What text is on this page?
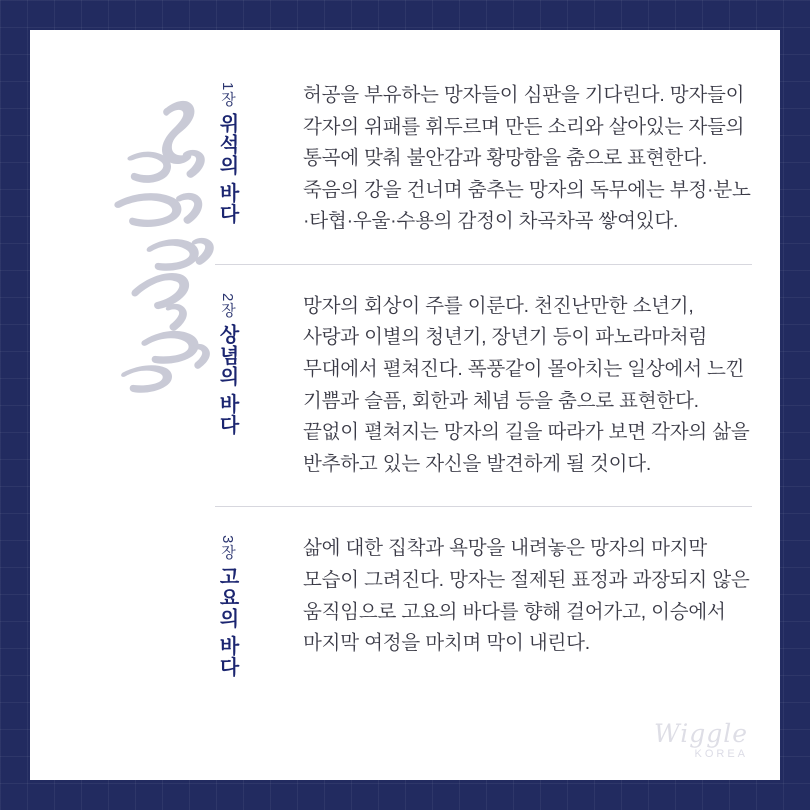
1장 위석의 바다

허공을 부유하는 망자들이 심판을 기다린다. 망자들이 각자의 위패를 휘두르며 만든 소리와 살아있는 자들의 통곡에 맞춰 불안감과 황망함을 춤으로 표현한다. 죽음의 강을 건너며 춤추는 망자의 독무에는 부정·분노·타협·우울·수용의 감정이 차곡차곡 쌓여있다.

2장 상념의 바다

망자의 회상이 주를 이룬다. 천진난만한 소년기, 사랑과 이별의 청년기, 장년기 등이 파노라마처럼 무대에서 펼쳐진다. 폭풍같이 몰아치는 일상에서 느낀 기쁨과 슬픔, 회한과 체념 등을 춤으로 표현한다. 끝없이 펼쳐지는 망자의 길을 따라가 보면 각자의 삶을 반추하고 있는 자신을 발견하게 될 것이다.

3장 고요의 바다

삶에 대한 집착과 욕망을 내려놓은 망자의 마지막 모습이 그려진다. 망자는 절제된 표정과 과장되지 않은 움직임으로 고요의 바다를 향해 걸어가고, 이승에서 마지막 여정을 마치며 막이 내린다.

Wiggle
KOREA
